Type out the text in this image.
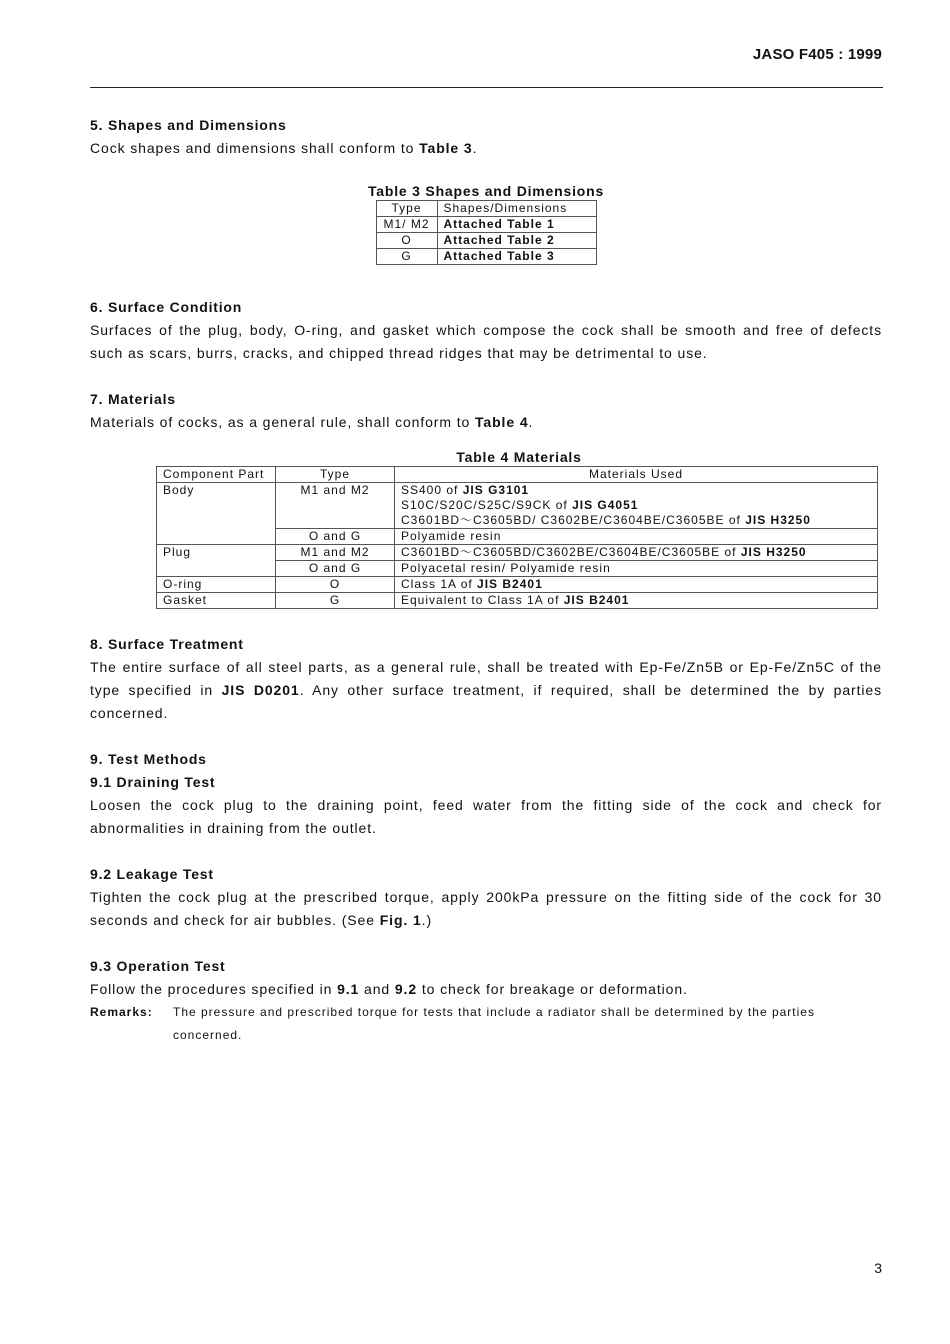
JASO F405 : 1999

5. Shapes and Dimensions

Cock shapes and dimensions shall conform to Table 3.

Table 3 Shapes and Dimensions

Type	Shapes/Dimensions
M1/ M2	Attached Table 1
O	Attached Table 2
G	Attached Table 3

6. Surface Condition

Surfaces of the plug, body, O-ring, and gasket which compose the cock shall be smooth and free of defects such as scars, burrs, cracks, and chipped thread ridges that may be detrimental to use.

7. Materials

Materials of cocks, as a general rule, shall conform to Table 4.

Table 4 Materials

Component Part	Type	Materials Used
Body	M1 and M2	SS400 of JIS G3101
S10C/S20C/S25C/S9CK of JIS G4051
C3601BD～C3605BD/ C3602BE/C3604BE/C3605BE of JIS H3250

	O and G	Polyamide resin
Plug	M1 and M2	C3601BD～C3605BD/C3602BE/C3604BE/C3605BE of JIS H3250
	O and G	Polyacetal resin/ Polyamide resin
O-ring	O	Class 1A of JIS B2401
Gasket	G	Equivalent to Class 1A of JIS B2401

8. Surface Treatment

The entire surface of all steel parts, as a general rule, shall be treated with Ep-Fe/Zn5B or Ep-Fe/Zn5C of the type specified in JIS D0201. Any other surface treatment, if required, shall be determined the by parties concerned.

9. Test Methods

9.1 Draining Test

Loosen the cock plug to the draining point, feed water from the fitting side of the cock and check for abnormalities in draining from the outlet.

9.2 Leakage Test

Tighten the cock plug at the prescribed torque, apply 200kPa pressure on the fitting side of the cock for 30 seconds and check for air bubbles. (See Fig. 1.)

9.3 Operation Test

Follow the procedures specified in 9.1 and 9.2 to check for breakage or deformation.

Remarks:	The pressure and prescribed torque for tests that include a radiator shall be determined by the parties concerned.
3
